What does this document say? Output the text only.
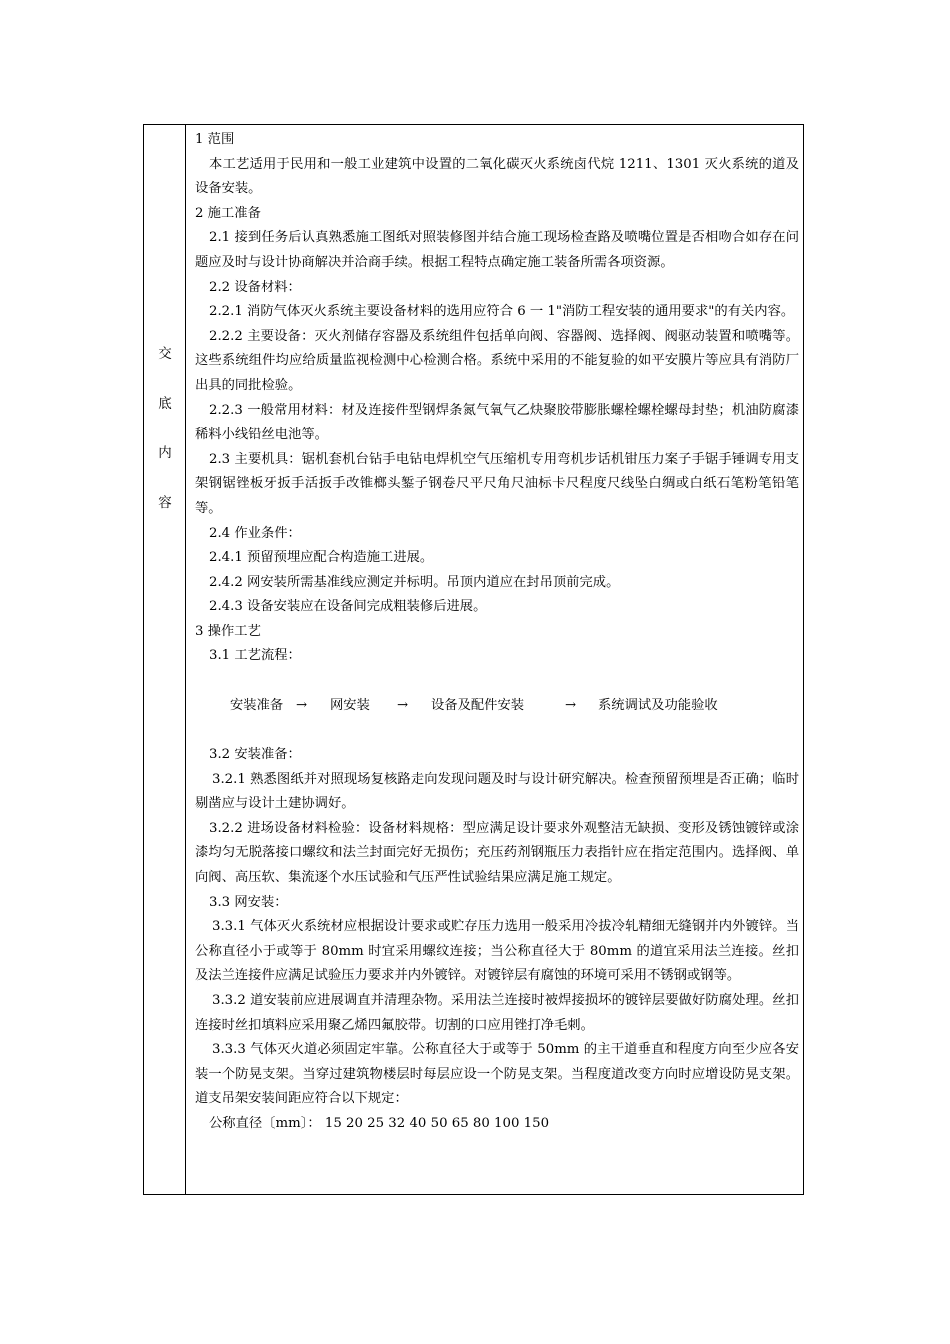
交
底
内
容

1 范围

本工艺适用于民用和一般工业建筑中设置的二氧化碳灭火系统卤代烷 1211、1301 灭火系统的道及设备安装。

2 施工准备

2.1 接到任务后认真熟悉施工图纸对照装修图并结合施工现场检查路及喷嘴位置是否相吻合如存在问题应及时与设计协商解决并洽商手续。根据工程特点确定施工装备所需各项资源。

2.2 设备材料：

2.2.1 消防气体灭火系统主要设备材料的选用应符合 6 一 1"消防工程安装的通用要求"的有关内容。

2.2.2 主要设备：灭火剂储存容器及系统组件包括单向阀、容器阀、选择阀、阀驱动装置和喷嘴等。这些系统组件均应给质量监视检测中心检测合格。系统中采用的不能复验的如平安膜片等应具有消防厂出具的同批检验。

2.2.3 一般常用材料：材及连接件型钢焊条氮气氧气乙炔聚胶带膨胀螺栓螺栓螺母封垫；机油防腐漆稀料小线铅丝电池等。

2.3 主要机具：锯机套机台钻手电钻电焊机空气压缩机专用弯机步话机钳压力案子手锯手锤调专用支架钢锯锉板牙扳手活扳手改锥榔头錾子钢卷尺平尺角尺油标卡尺程度尺线坠白绸或白纸石笔粉笔铅笔等。

2.4 作业条件：

2.4.1 预留预埋应配合构造施工进展。

2.4.2 网安装所需基准线应测定并标明。吊顶内道应在封吊顶前完成。

2.4.3 设备安装应在设备间完成粗装修后进展。

3 操作工艺

3.1 工艺流程：

安装准备 → 网安装 → 设备及配件安装	→ 系统调试及功能验收

3.2 安装准备：

3.2.1 熟悉图纸并对照现场复核路走向发现问题及时与设计研究解决。检查预留预埋是否正确；临时剔凿应与设计土建协调好。

3.2.2 进场设备材料检验：设备材料规格：型应满足设计要求外观整洁无缺损、变形及锈蚀镀锌或涂漆均匀无脱落接口螺纹和法兰封面完好无损伤；充压药剂钢瓶压力表指针应在指定范围内。选择阀、单向阀、高压软、集流逐个水压试验和气压严性试验结果应满足施工规定。

3.3 网安装：

3.3.1 气体灭火系统材应根据设计要求或贮存压力选用一般采用冷拔冷轧精细无缝钢并内外镀锌。当公称直径小于或等于 80mm 时宜采用螺纹连接；当公称直径大于 80mm 的道宜采用法兰连接。丝扣及法兰连接件应满足试验压力要求并内外镀锌。对镀锌层有腐蚀的环境可采用不锈钢或钢等。

3.3.2 道安装前应进展调直并清理杂物。采用法兰连接时被焊接损坏的镀锌层要做好防腐处理。丝扣连接时丝扣填料应采用聚乙烯四氟胶带。切割的口应用锉打净毛刺。

3.3.3 气体灭火道必须固定牢靠。公称直径大于或等于 50mm 的主干道垂直和程度方向至少应各安装一个防晃支架。当穿过建筑物楼层时每层应设一个防晃支架。当程度道改变方向时应增设防晃支架。道支吊架安装间距应符合以下规定：

公称直径〔mm〕： 15 20 25 32 40 50 65 80 100 150
